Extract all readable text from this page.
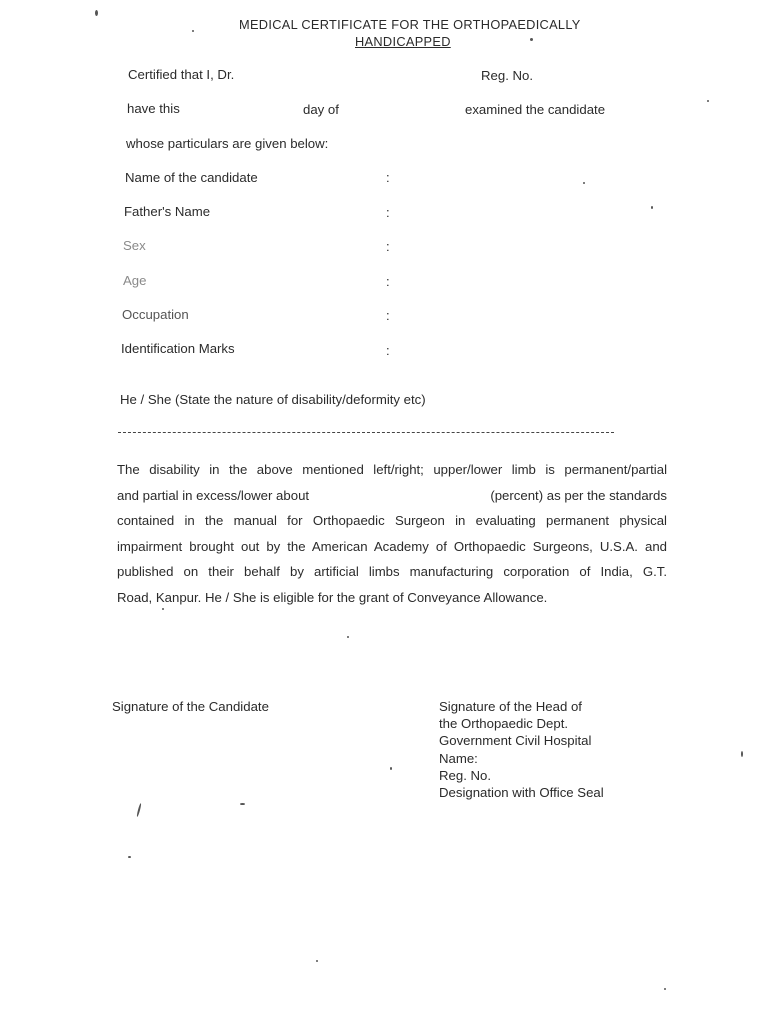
MEDICAL CERTIFICATE FOR THE ORTHOPAEDICALLY
HANDICAPPED
Certified that I, Dr.	Reg. No.
have this	day of	examined the candidate
whose particulars are given below:
Name of the candidate	:
Father's Name	:
Sex	:
Age	:
Occupation	:
Identification Marks	:
He / She (State the nature of disability/deformity etc)
The disability in the above mentioned left/right; upper/lower limb is permanent/partial
and partial in excess/lower about	(percent) as per the standards
contained in the manual for Orthopaedic Surgeon in evaluating permanent physical
impairment brought out by the American Academy of Orthopaedic Surgeons, U.S.A. and
published on their behalf by artificial limbs manufacturing corporation of India, G.T.
Road, Kanpur. He / She is eligible for the grant of Conveyance Allowance.
Signature of the Candidate	Signature of the Head of
the Orthopaedic Dept.
Government Civil Hospital
Name:
Reg. No.
Designation with Office Seal
